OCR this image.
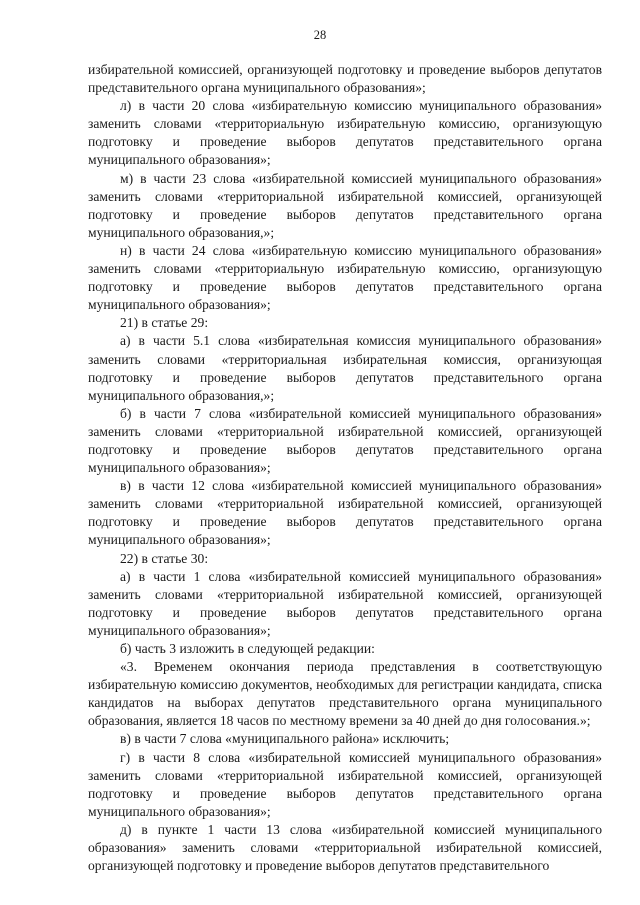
28

избирательной комиссией, организующей подготовку и проведение выборов депутатов представительного органа муниципального образования»;

л) в части 20 слова «избирательную комиссию муниципального образования» заменить словами «территориальную избирательную комиссию, организующую подготовку и проведение выборов депутатов представительного органа муниципального образования»;

м) в части 23 слова «избирательной комиссией муниципального образования» заменить словами «территориальной избирательной комиссией, организующей подготовку и проведение выборов депутатов представительного органа муниципального образования,»;

н) в части 24 слова «избирательную комиссию муниципального образования» заменить словами «территориальную избирательную комиссию, организующую подготовку и проведение выборов депутатов представительного органа муниципального образования»;

21) в статье 29:

а) в части 5.1 слова «избирательная комиссия муниципального образования» заменить словами «территориальная избирательная комиссия, организующая подготовку и проведение выборов депутатов представительного органа муниципального образования,»;

б) в части 7 слова «избирательной комиссией муниципального образования» заменить словами «территориальной избирательной комиссией, организующей подготовку и проведение выборов депутатов представительного органа муниципального образования»;

в) в части 12 слова «избирательной комиссией муниципального образования» заменить словами «территориальной избирательной комиссией, организующей подготовку и проведение выборов депутатов представительного органа муниципального образования»;

22) в статье 30:

а) в части 1 слова «избирательной комиссией муниципального образования» заменить словами «территориальной избирательной комиссией, организующей подготовку и проведение выборов депутатов представительного органа муниципального образования»;

б) часть 3 изложить в следующей редакции:

«3. Временем окончания периода представления в соответствующую избирательную комиссию документов, необходимых для регистрации кандидата, списка кандидатов на выборах депутатов представительного органа муниципального образования, является 18 часов по местному времени за 40 дней до дня голосования.»;

в) в части 7 слова «муниципального района» исключить;

г) в части 8 слова «избирательной комиссией муниципального образования» заменить словами «территориальной избирательной комиссией, организующей подготовку и проведение выборов депутатов представительного органа муниципального образования»;

д) в пункте 1 части 13 слова «избирательной комиссией муниципального образования» заменить словами «территориальной избирательной комиссией, организующей подготовку и проведение выборов депутатов представительного
